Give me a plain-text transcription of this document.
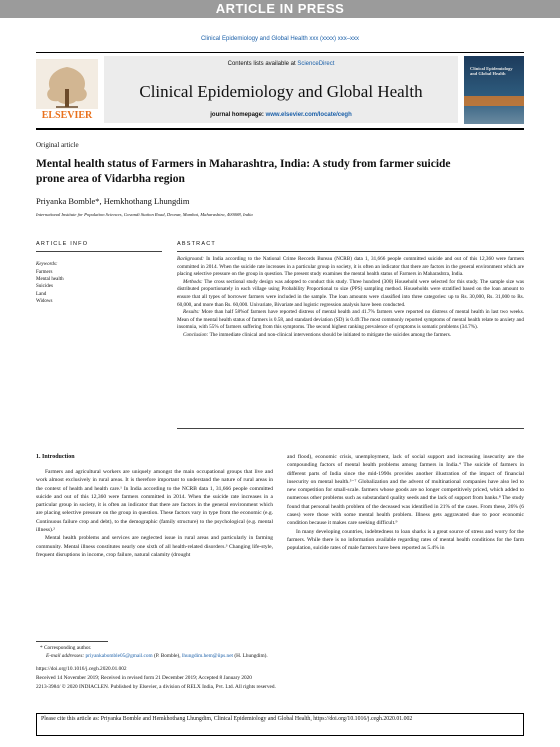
ARTICLE IN PRESS
Clinical Epidemiology and Global Health xxx (xxxx) xxx–xxx
ELSEVIER
Contents lists available at ScienceDirect
Clinical Epidemiology and Global Health
journal homepage: www.elsevier.com/locate/cegh
Clinical Epidemiology and Global Health
Original article
Mental health status of Farmers in Maharashtra, India: A study from farmer suicide prone area of Vidarbha region
Priyanka Bomble*, Hemkhothang Lhungdim
International Institute for Population Sciences, Govandi Station Road, Deonar, Mumbai, Maharashtra, 400088, India
ARTICLE INFO
Keywords:
Farmers
Mental health
Suicides
Land
Widows
ABSTRACT

Background: In India according to the National Crime Records Bureau (NCRB) data 1, 31,666 people committed suicide and out of this 12,360 were farmers committed in 2014. When the suicide rate increases in a particular group in society, it is often an indicator that there are factors in the general environment which are placing selective pressure on the group in question. The present study examines the mental health status of Farmers in Maharashtra, India.

Methods: The cross sectional study design was adopted to conduct this study. Three hundred (300) Household were selected for this study. The sample size was distributed proportionately in each village using Probability Proportional to size (PPS) sampling method. Households were stratified based on the loan amount to ensure that all types of borrower farmers were included in the sample. The loan amounts were classified into three categories: up to Rs. 30,000, Rs. 31,000 to Rs. 60,000, and more than Rs. 60,000. Univariate, Bivariate and logistic regression analysis have been conducted.

Results: More than half 58%of farmers have reported distress of mental health and 41.7% farmers were reported no distress of mental health in last two weeks. Mean of the mental health status of farmers is 0.58, and standard deviation (SD) is 0.49.The most commonly reported symptoms of mental health relate to anxiety and insomnia, with 55% of farmers suffering from this symptoms. The second highest ranking prevalence of symptoms is somatic problems (34.7%).

Conclusion: The immediate clinical and non-clinical interventions should be initiated to mitigate the suicides among the farmers.

1. Introduction

Farmers and agricultural workers are uniquely amongst the main occupational groups that live and work almost exclusively in rural areas. It is therefore important to understand the nature of rural areas in the context of health and health care.¹ In India according to the NCRB data 1, 31,666 people committed suicide and out of this 12,360 were farmers committed in 2014. When the suicide rate increases in a particular group in society, it is often an indicator that there are factors in the general environment which are placing selective pressure on the group in question. These factors vary in type from the economic (e.g. Continuous failure crop and debt), to the demographic (family structure) to the psychological (e.g. mental illness).²

Mental health problems and services are neglected issue in rural areas and particularly in farming community. Mental illness constitutes nearly one sixth of all health-related disorders.³ Changing life-style, frequent disruptions in income, crop failure, natural calamity (drought

and flood), economic crisis, unemployment, lack of social support and increasing insecurity are the compounding factors of mental health problems among farmers in India.⁴ The suicide of farmers in different parts of India since the mid-1990s provides another illustration of the impact of financial insecurity on mental health.⁵⁻⁷ Globalization and the advent of multinational companies have also led to new competition for small-scale. farmers whose goods are no longer competitively priced, which added to numerous other problems such as substandard quality seeds and the lack of support from banks.⁸ The study found that personal health problem of the deceased was identified in 21% of the cases. From these, 26% (6 cases) were those with some mental health problem. Illness gets aggravated due to poor economic condition because it makes care seeking difficult.⁹

In many developing countries, indebtedness to loan sharks is a great source of stress and worry for the farmers. While there is no information available regarding rates of mental health conditions for the farm population, suicide rates of male farmers have been reported as 5.4% in

* Corresponding author.
E-mail addresses: priyankabomble05@gmail.com (P. Bomble), lhungdim.hem@iips.net (H. Lhungdim).
https://doi.org/10.1016/j.cegh.2020.01.002
Received 14 November 2019; Received in revised form 21 December 2019; Accepted 8 January 2020
2213-3984/ © 2020 INDIACLEN. Published by Elsevier, a division of RELX India, Pvt. Ltd. All rights reserved.
Please cite this article as: Priyanka Bomble and Hemkhothang Lhungdim, Clinical Epidemiology and Global Health, https://doi.org/10.1016/j.cegh.2020.01.002
